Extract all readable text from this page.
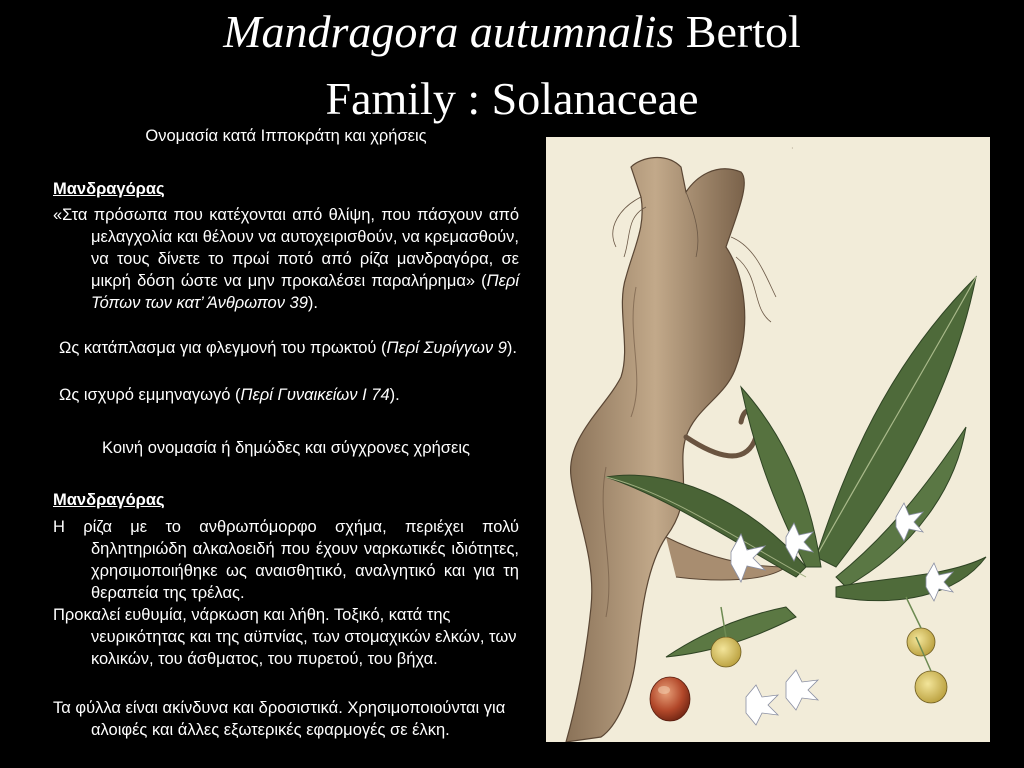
Mandragora autumnalis Bertol
Family : Solanaceae
Ονομασία κατά Ιπποκράτη και χρήσεις
Μανδραγόρας
«Στα πρόσωπα που κατέχονται από θλίψη, που πάσχουν από μελαγχολία και θέλουν να αυτοχειρισθούν, να κρεμασθούν, να τους δίνετε το πρωί ποτό από ρίζα μανδραγόρα, σε μικρή δόση ώστε να μην προκαλέσει παραλήρημα» (Περί Τόπων των κατ’ Άνθρωπον 39).
Ως κατάπλασμα για φλεγμονή του πρωκτού (Περί Συρίγγων 9).
Ως ισχυρό εμμηναγωγό (Περί Γυναικείων Ι 74).
Κοινή ονομασία ή δημώδες και σύγχρονες χρήσεις
Μανδραγόρας
Η ρίζα με το ανθρωπόμορφο σχήμα, περιέχει πολύ δηλητηριώδη αλκαλοειδή που έχουν ναρκωτικές ιδιότητες, χρησιμοποιήθηκε ως αναισθητικό, αναλγητικό και για τη θεραπεία της τρέλας.
Προκαλεί ευθυμία, νάρκωση και λήθη. Τοξικό, κατά της νευρικότητας και της αϋπνίας, των στομαχικών ελκών, των κολικών, του άσθματος, του πυρετού, του βήχα.
Τα φύλλα είναι ακίνδυνα και δροσιστικά. Χρησιμοποιούνται για αλοιφές και άλλες εξωτερικές εφαρμογές σε έλκη.
·
